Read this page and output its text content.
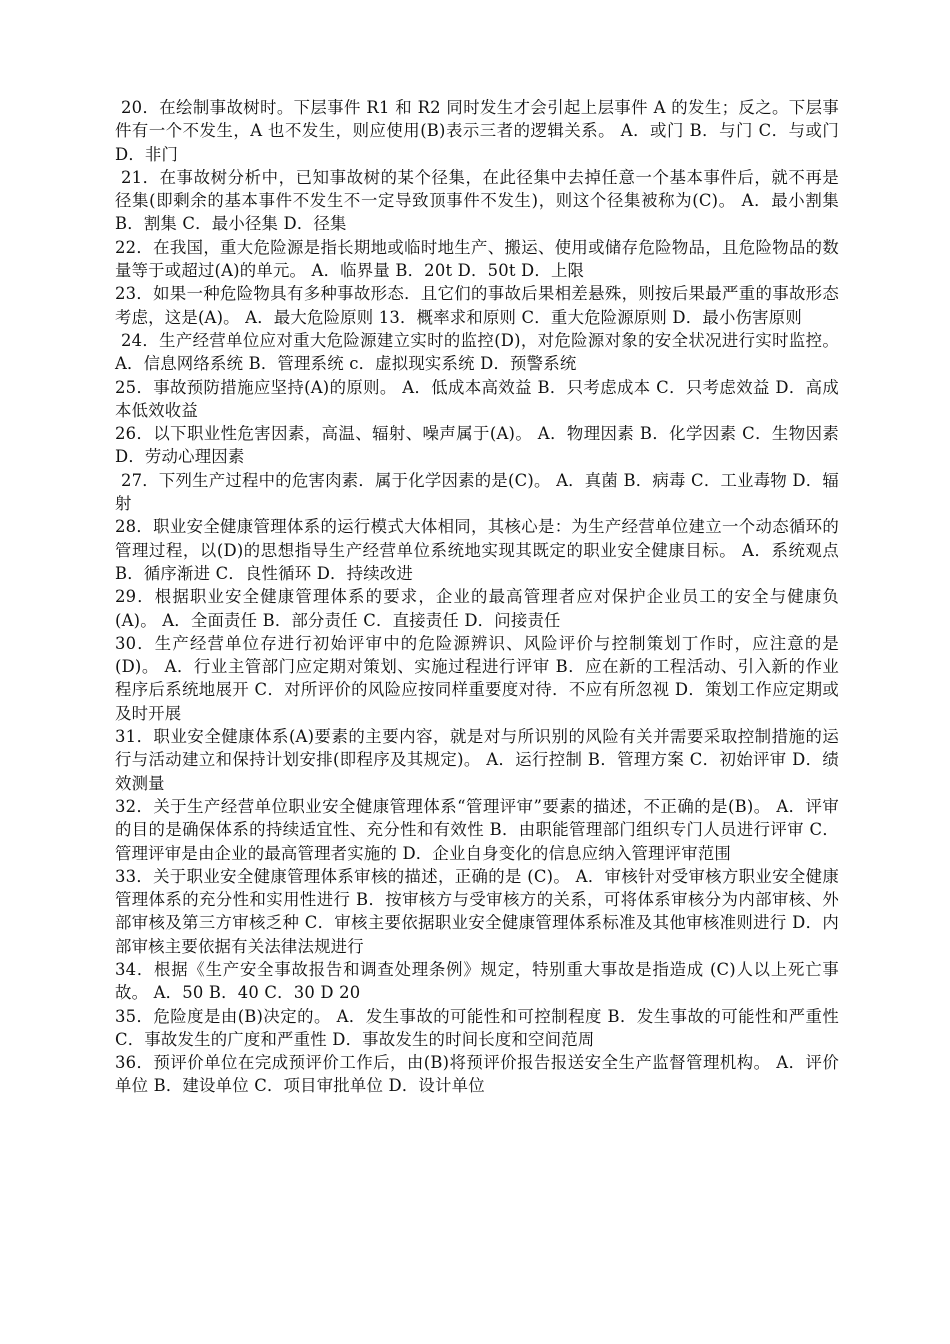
20．在绘制事故树时。下层事件 R1 和 R2 同时发生才会引起上层事件 A 的发生；反之。下层事件有一个不发生，A 也不发生，则应使用(B)表示三者的逻辑关系。 A．或门 B．与门 C．与或门 D．非门

21．在事故树分析中，已知事故树的某个径集，在此径集中去掉任意一个基本事件后，就不再是径集(即剩余的基本事件不发生不一定导致顶事件不发生)，则这个径集被称为(C)。 A．最小割集 B．割集 C．最小径集 D．径集

22．在我国，重大危险源是指长期地或临时地生产、搬运、使用或储存危险物品，且危险物品的数量等于或超过(A)的单元。 A．临界量 B．20t D．50t D．上限

23．如果一种危险物具有多种事故形态．且它们的事故后果相差悬殊，则按后果最严重的事故形态考虑，这是(A)。 A．最大危险原则 13．概率求和原则 C．重大危险源原则 D．最小伤害原则

24．生产经营单位应对重大危险源建立实时的监控(D)，对危险源对象的安全状况进行实时监控。 A．信息网络系统 B．管理系统 c．虚拟现实系统 D．预警系统

25．事故预防措施应坚持(A)的原则。 A．低成本高效益 B．只考虑成本 C．只考虑效益 D．高成本低效收益

26．以下职业性危害因素，高温、辐射、噪声属于(A)。 A．物理因素 B．化学因素 C．生物因素 D．劳动心理因素

27．下列生产过程中的危害肉素．属于化学因素的是(C)。 A．真菌 B．病毒 C．工业毒物 D．辐射

28．职业安全健康管理体系的运行模式大体相同，其核心是：为生产经营单位建立一个动态循环的管理过程，以(D)的思想指导生产经营单位系统地实现其既定的职业安全健康目标。 A．系统观点 B．循序渐进 C．良性循环 D．持续改进

29．根据职业安全健康管理体系的要求，企业的最高管理者应对保护企业员工的安全与健康负(A)。 A．全面责任 B．部分责任 C．直接责任 D．问接责任

30．生产经营单位存进行初始评审中的危险源辨识、风险评价与控制策划丁作时，应注意的是(D)。 A．行业主管部门应定期对策划、实施过程进行评审 B．应在新的工程活动、引入新的作业程序后系统地展开 C．对所评价的风险应按同样重要度对待．不应有所忽视 D．策划工作应定期或及时开展

31．职业安全健康体系(A)要素的主要内容，就是对与所识别的风险有关并需要采取控制措施的运行与活动建立和保持计划安排(即程序及其规定)。 A．运行控制 B．管理方案 C．初始评审 D．绩效测量

32．关于生产经营单位职业安全健康管理体系“管理评审”要素的描述，不正确的是(B)。 A．评审的目的是确保体系的持续适宜性、充分性和有效性 B．由职能管理部门组织专门人员进行评审 C．管理评审是由企业的最高管理者实施的 D．企业自身变化的信息应纳入管理评审范围

33．关于职业安全健康管理体系审核的描述，正确的是 (C)。 A．审核针对受审核方职业安全健康管理体系的充分性和实用性进行 B．按审核方与受审核方的关系，可将体系审核分为内部审核、外部审核及第三方审核乏种 C．审核主要依据职业安全健康管理体系标准及其他审核准则进行 D．内部审核主要依据有关法律法规进行

34．根据《生产安全事故报告和调查处理条例》规定，特别重大事故是指造成 (C)人以上死亡事故。 A．50 B．40 C．30 D 20

35．危险度是由(B)决定的。 A．发生事故的可能性和可控制程度 B．发生事故的可能性和严重性 C．事故发生的广度和严重性 D．事故发生的时间长度和空间范周

36．预评价单位在完成预评价工作后，由(B)将预评价报告报送安全生产监督管理机构。 A．评价单位 B．建设单位 C．项目审批单位 D．设计单位
